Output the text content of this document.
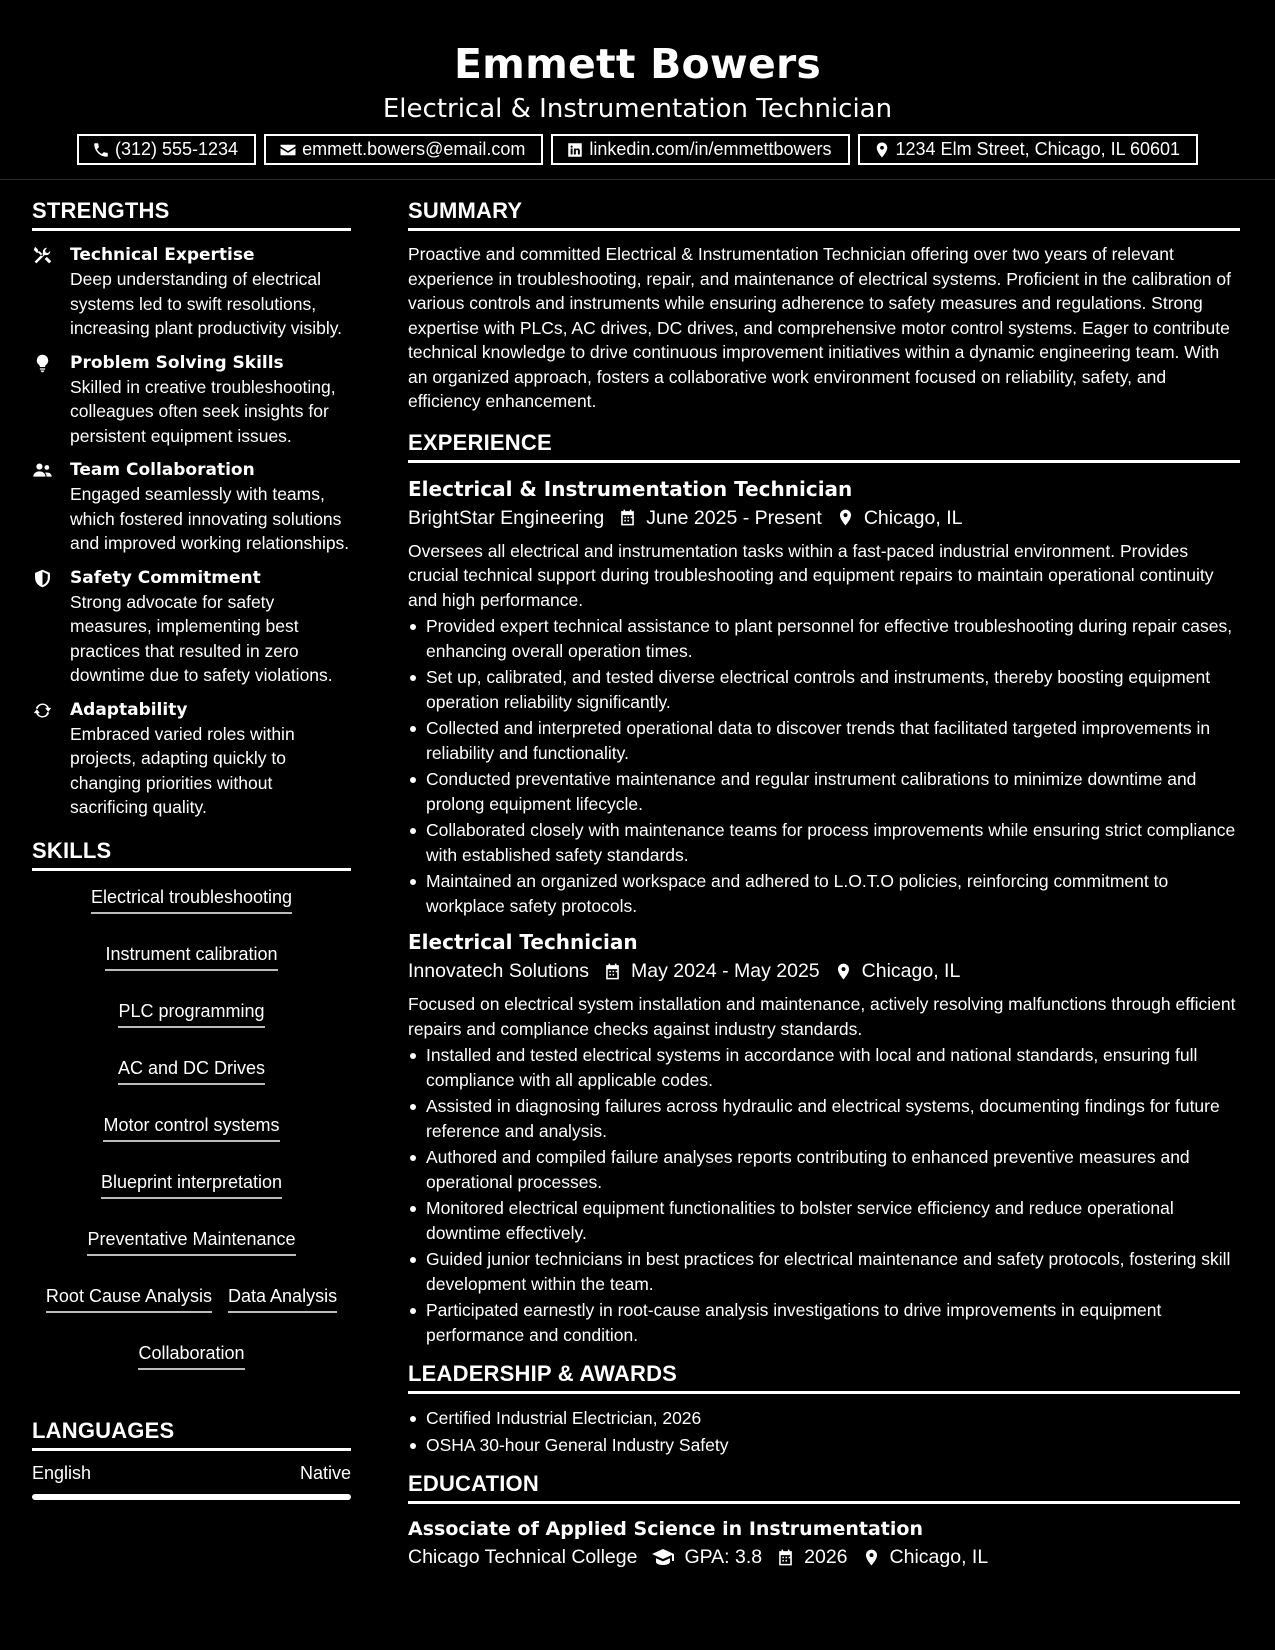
Emmett Bowers
Electrical & Instrumentation Technician
(312) 555-1234	emmett.bowers@email.com	linkedin.com/in/emmettbowers	1234 Elm Street, Chicago, IL 60601
STRENGTHS
Technical Expertise
Deep understanding of electrical systems led to swift resolutions, increasing plant productivity visibly.
Problem Solving Skills
Skilled in creative troubleshooting, colleagues often seek insights for persistent equipment issues.
Team Collaboration
Engaged seamlessly with teams, which fostered innovating solutions and improved working relationships.
Safety Commitment
Strong advocate for safety measures, implementing best practices that resulted in zero downtime due to safety violations.
Adaptability
Embraced varied roles within projects, adapting quickly to changing priorities without sacrificing quality.
SKILLS
Electrical troubleshooting
Instrument calibration
PLC programming
AC and DC Drives
Motor control systems
Blueprint interpretation
Preventative Maintenance
Root Cause Analysis Data Analysis
Collaboration
LANGUAGES
English	Native
SUMMARY
Proactive and committed Electrical & Instrumentation Technician offering over two years of relevant experience in troubleshooting, repair, and maintenance of electrical systems. Proficient in the calibration of various controls and instruments while ensuring adherence to safety measures and regulations. Strong expertise with PLCs, AC drives, DC drives, and comprehensive motor control systems. Eager to contribute technical knowledge to drive continuous improvement initiatives within a dynamic engineering team. With an organized approach, fosters a collaborative work environment focused on reliability, safety, and efficiency enhancement.
EXPERIENCE
Electrical & Instrumentation Technician
BrightStar Engineering June 2025 - Present Chicago, IL
Oversees all electrical and instrumentation tasks within a fast-paced industrial environment. Provides crucial technical support during troubleshooting and equipment repairs to maintain operational continuity and high performance.
Provided expert technical assistance to plant personnel for effective troubleshooting during repair cases, enhancing overall operation times.
Set up, calibrated, and tested diverse electrical controls and instruments, thereby boosting equipment operation reliability significantly.
Collected and interpreted operational data to discover trends that facilitated targeted improvements in reliability and functionality.
Conducted preventative maintenance and regular instrument calibrations to minimize downtime and prolong equipment lifecycle.
Collaborated closely with maintenance teams for process improvements while ensuring strict compliance with established safety standards.
Maintained an organized workspace and adhered to L.O.T.O policies, reinforcing commitment to workplace safety protocols.
Electrical Technician
Innovatech Solutions May 2024 - May 2025 Chicago, IL
Focused on electrical system installation and maintenance, actively resolving malfunctions through efficient repairs and compliance checks against industry standards.
Installed and tested electrical systems in accordance with local and national standards, ensuring full compliance with all applicable codes.
Assisted in diagnosing failures across hydraulic and electrical systems, documenting findings for future reference and analysis.
Authored and compiled failure analyses reports contributing to enhanced preventive measures and operational processes.
Monitored electrical equipment functionalities to bolster service efficiency and reduce operational downtime effectively.
Guided junior technicians in best practices for electrical maintenance and safety protocols, fostering skill development within the team.
Participated earnestly in root-cause analysis investigations to drive improvements in equipment performance and condition.
LEADERSHIP & AWARDS
Certified Industrial Electrician, 2026
OSHA 30-hour General Industry Safety
EDUCATION
Associate of Applied Science in Instrumentation
Chicago Technical College GPA: 3.8 2026 Chicago, IL
